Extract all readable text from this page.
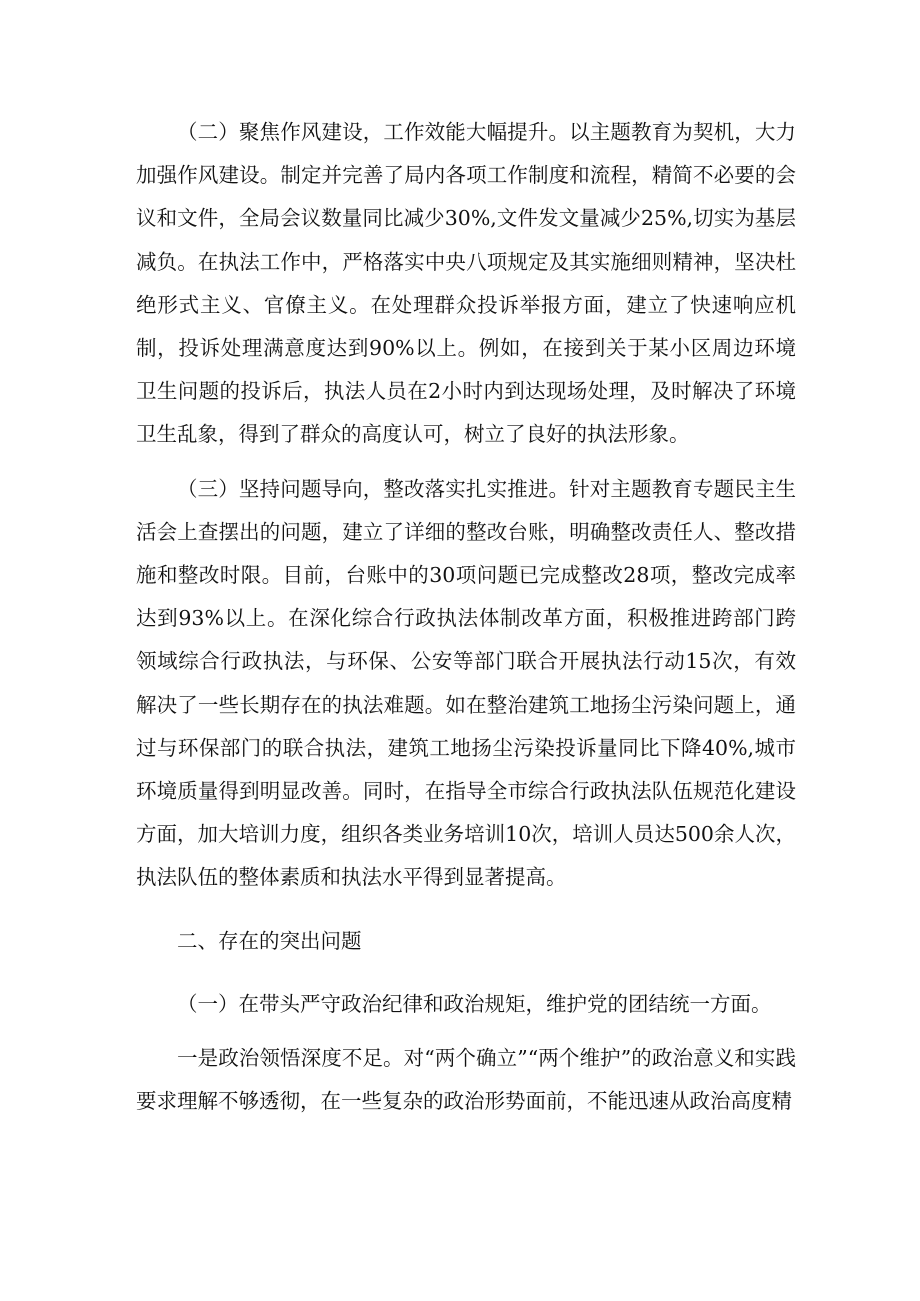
（二）聚焦作风建设，工作效能大幅提升。以主题教育为契机，大力加强作风建设。制定并完善了局内各项工作制度和流程，精简不必要的会议和文件，全局会议数量同比减少30%,文件发文量减少25%,切实为基层减负。在执法工作中，严格落实中央八项规定及其实施细则精神，坚决杜绝形式主义、官僚主义。在处理群众投诉举报方面，建立了快速响应机制，投诉处理满意度达到90%以上。例如，在接到关于某小区周边环境卫生问题的投诉后，执法人员在2小时内到达现场处理，及时解决了环境卫生乱象，得到了群众的高度认可，树立了良好的执法形象。

（三）坚持问题导向，整改落实扎实推进。针对主题教育专题民主生活会上查摆出的问题，建立了详细的整改台账，明确整改责任人、整改措施和整改时限。目前，台账中的30项问题已完成整改28项，整改完成率达到93%以上。在深化综合行政执法体制改革方面，积极推进跨部门跨领域综合行政执法，与环保、公安等部门联合开展执法行动15次，有效解决了一些长期存在的执法难题。如在整治建筑工地扬尘污染问题上，通过与环保部门的联合执法，建筑工地扬尘污染投诉量同比下降40%,城市环境质量得到明显改善。同时，在指导全市综合行政执法队伍规范化建设方面，加大培训力度，组织各类业务培训10次，培训人员达500余人次，执法队伍的整体素质和执法水平得到显著提高。

二、存在的突出问题

（一）在带头严守政治纪律和政治规矩，维护党的团结统一方面。

一是政治领悟深度不足。对“两个确立”“两个维护”的政治意义和实践要求理解不够透彻，在一些复杂的政治形势面前，不能迅速从政治高度精
